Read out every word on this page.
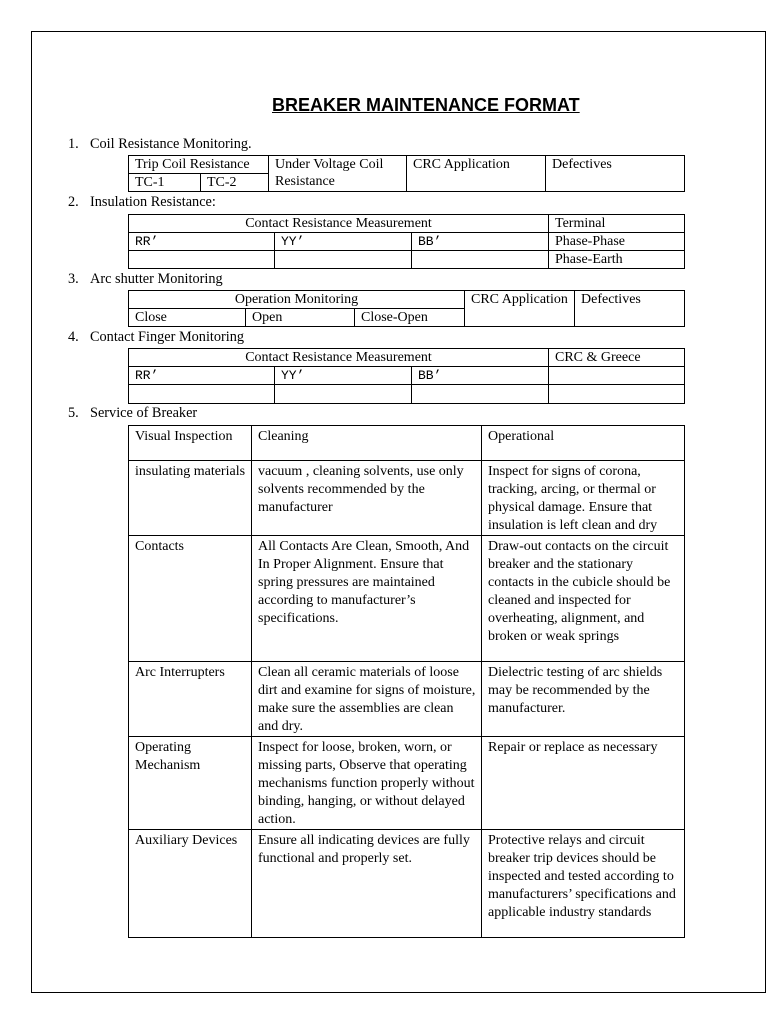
BREAKER MAINTENANCE FORMAT
1. Coil Resistance Monitoring.
2. Insulation Resistance:
3. Arc shutter Monitoring
4. Contact Finger Monitoring
5. Service of Breaker
Trip Coil Resistance		Under Voltage Coil Resistance	CRC Application	Defectives
TC-1	TC-2			
Contact Resistance Measurement			Terminal
RR’	YY’	BB’	Phase-Phase
			Phase-Earth
Operation Monitoring			CRC Application	Defectives
Close	Open	Close-Open		
Contact Resistance Measurement			CRC & Greece
RR’	YY’	BB’	

Visual Inspection	Cleaning	Operational
insulating materials	vacuum , cleaning solvents, use only solvents recommended by the manufacturer	Inspect for signs of corona, tracking, arcing, or thermal or physical damage. Ensure that insulation is left clean and dry
Contacts	All Contacts Are Clean, Smooth, And In Proper Alignment. Ensure that spring pressures are maintained according to manufacturer’s specifications.	Draw-out contacts on the circuit breaker and the stationary contacts in the cubicle should be cleaned and inspected for overheating, alignment, and broken or weak springs
Arc Interrupters	Clean all ceramic materials of loose dirt and examine for signs of moisture, make sure the assemblies are clean and dry.	Dielectric testing of arc shields may be recommended by the manufacturer.
Operating Mechanism	Inspect for loose, broken, worn, or missing parts, Observe that operating mechanisms function properly without binding, hanging, or without delayed action.	Repair or replace as necessary
Auxiliary Devices	Ensure all indicating devices are fully functional and properly set.	Protective relays and circuit breaker trip devices should be inspected and tested according to manufacturers’ specifications and applicable industry standards
